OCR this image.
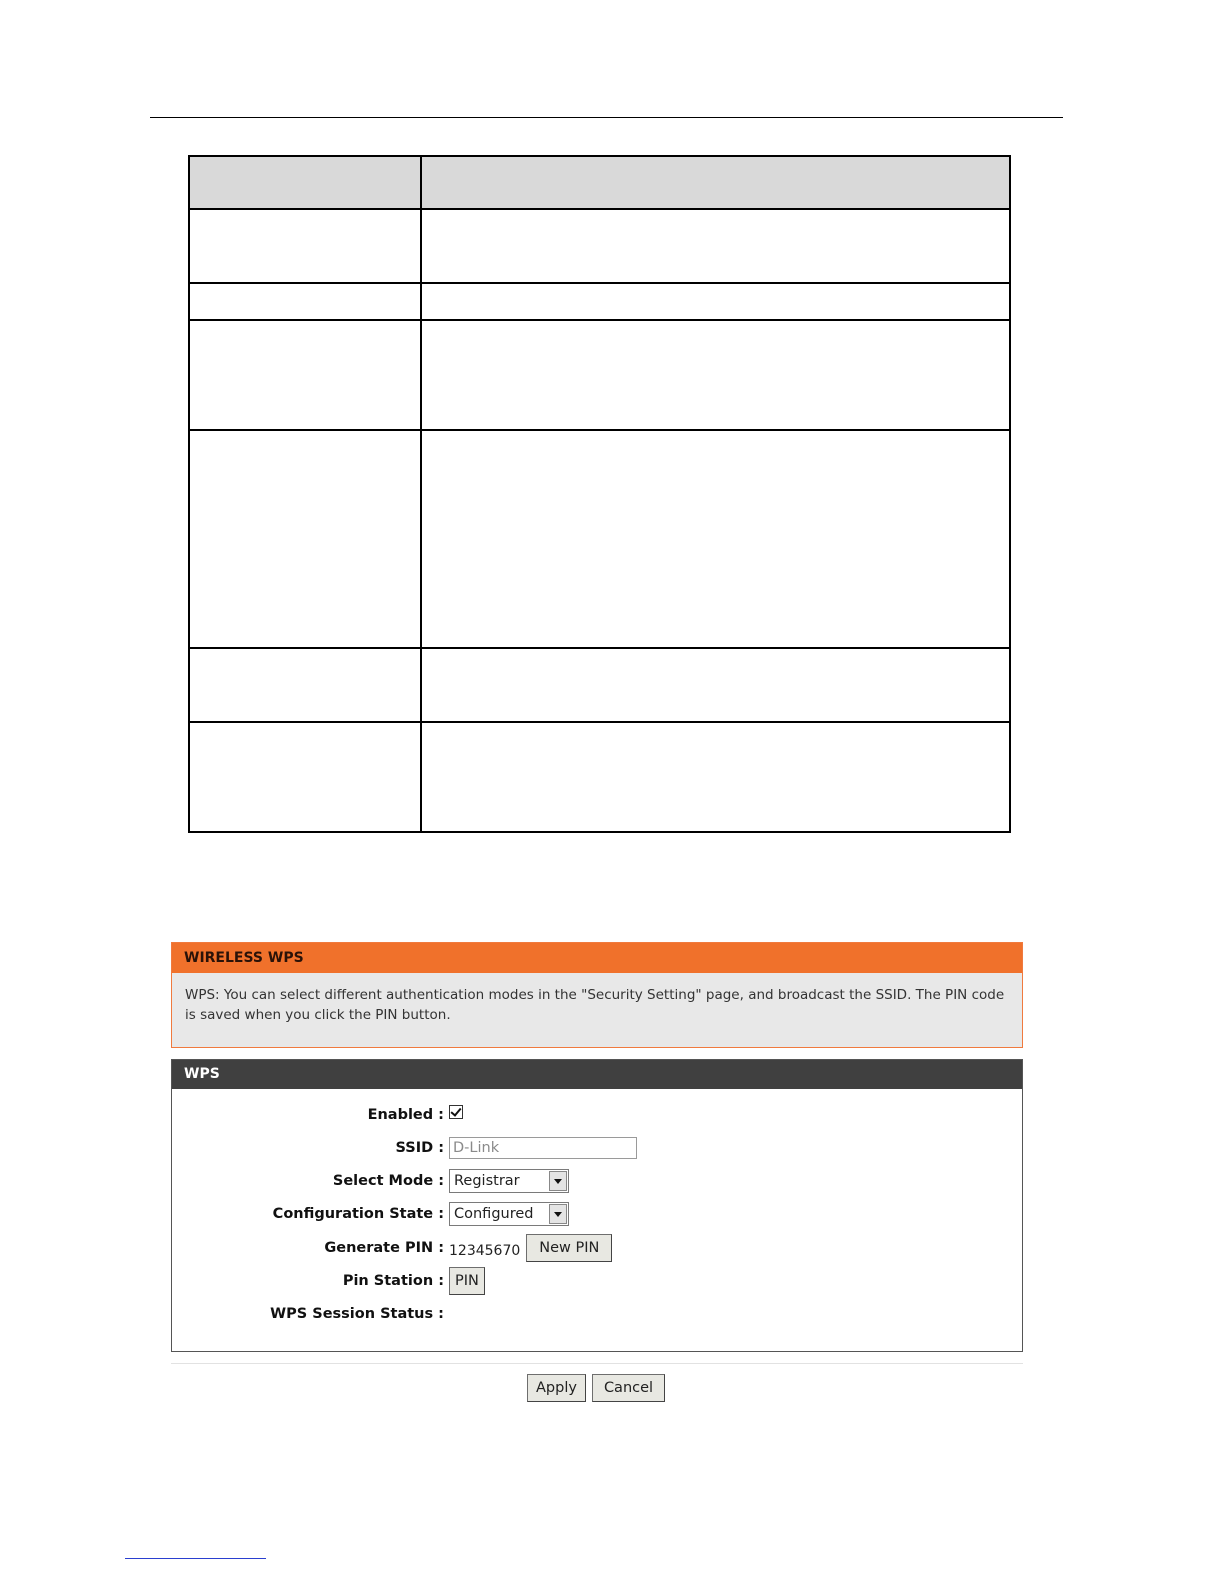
WIRELESS WPS
WPS: You can select different authentication modes in the "Security Setting" page, and broadcast the SSID. The PIN code is saved when you click the PIN button.
WPS
Enabled :
SSID :
D-Link
Select Mode : Registrar
Configuration State : Configured
Generate PIN : 12345670	New PIN
Pin Station : PIN
WPS Session Status :
Apply	Cancel
